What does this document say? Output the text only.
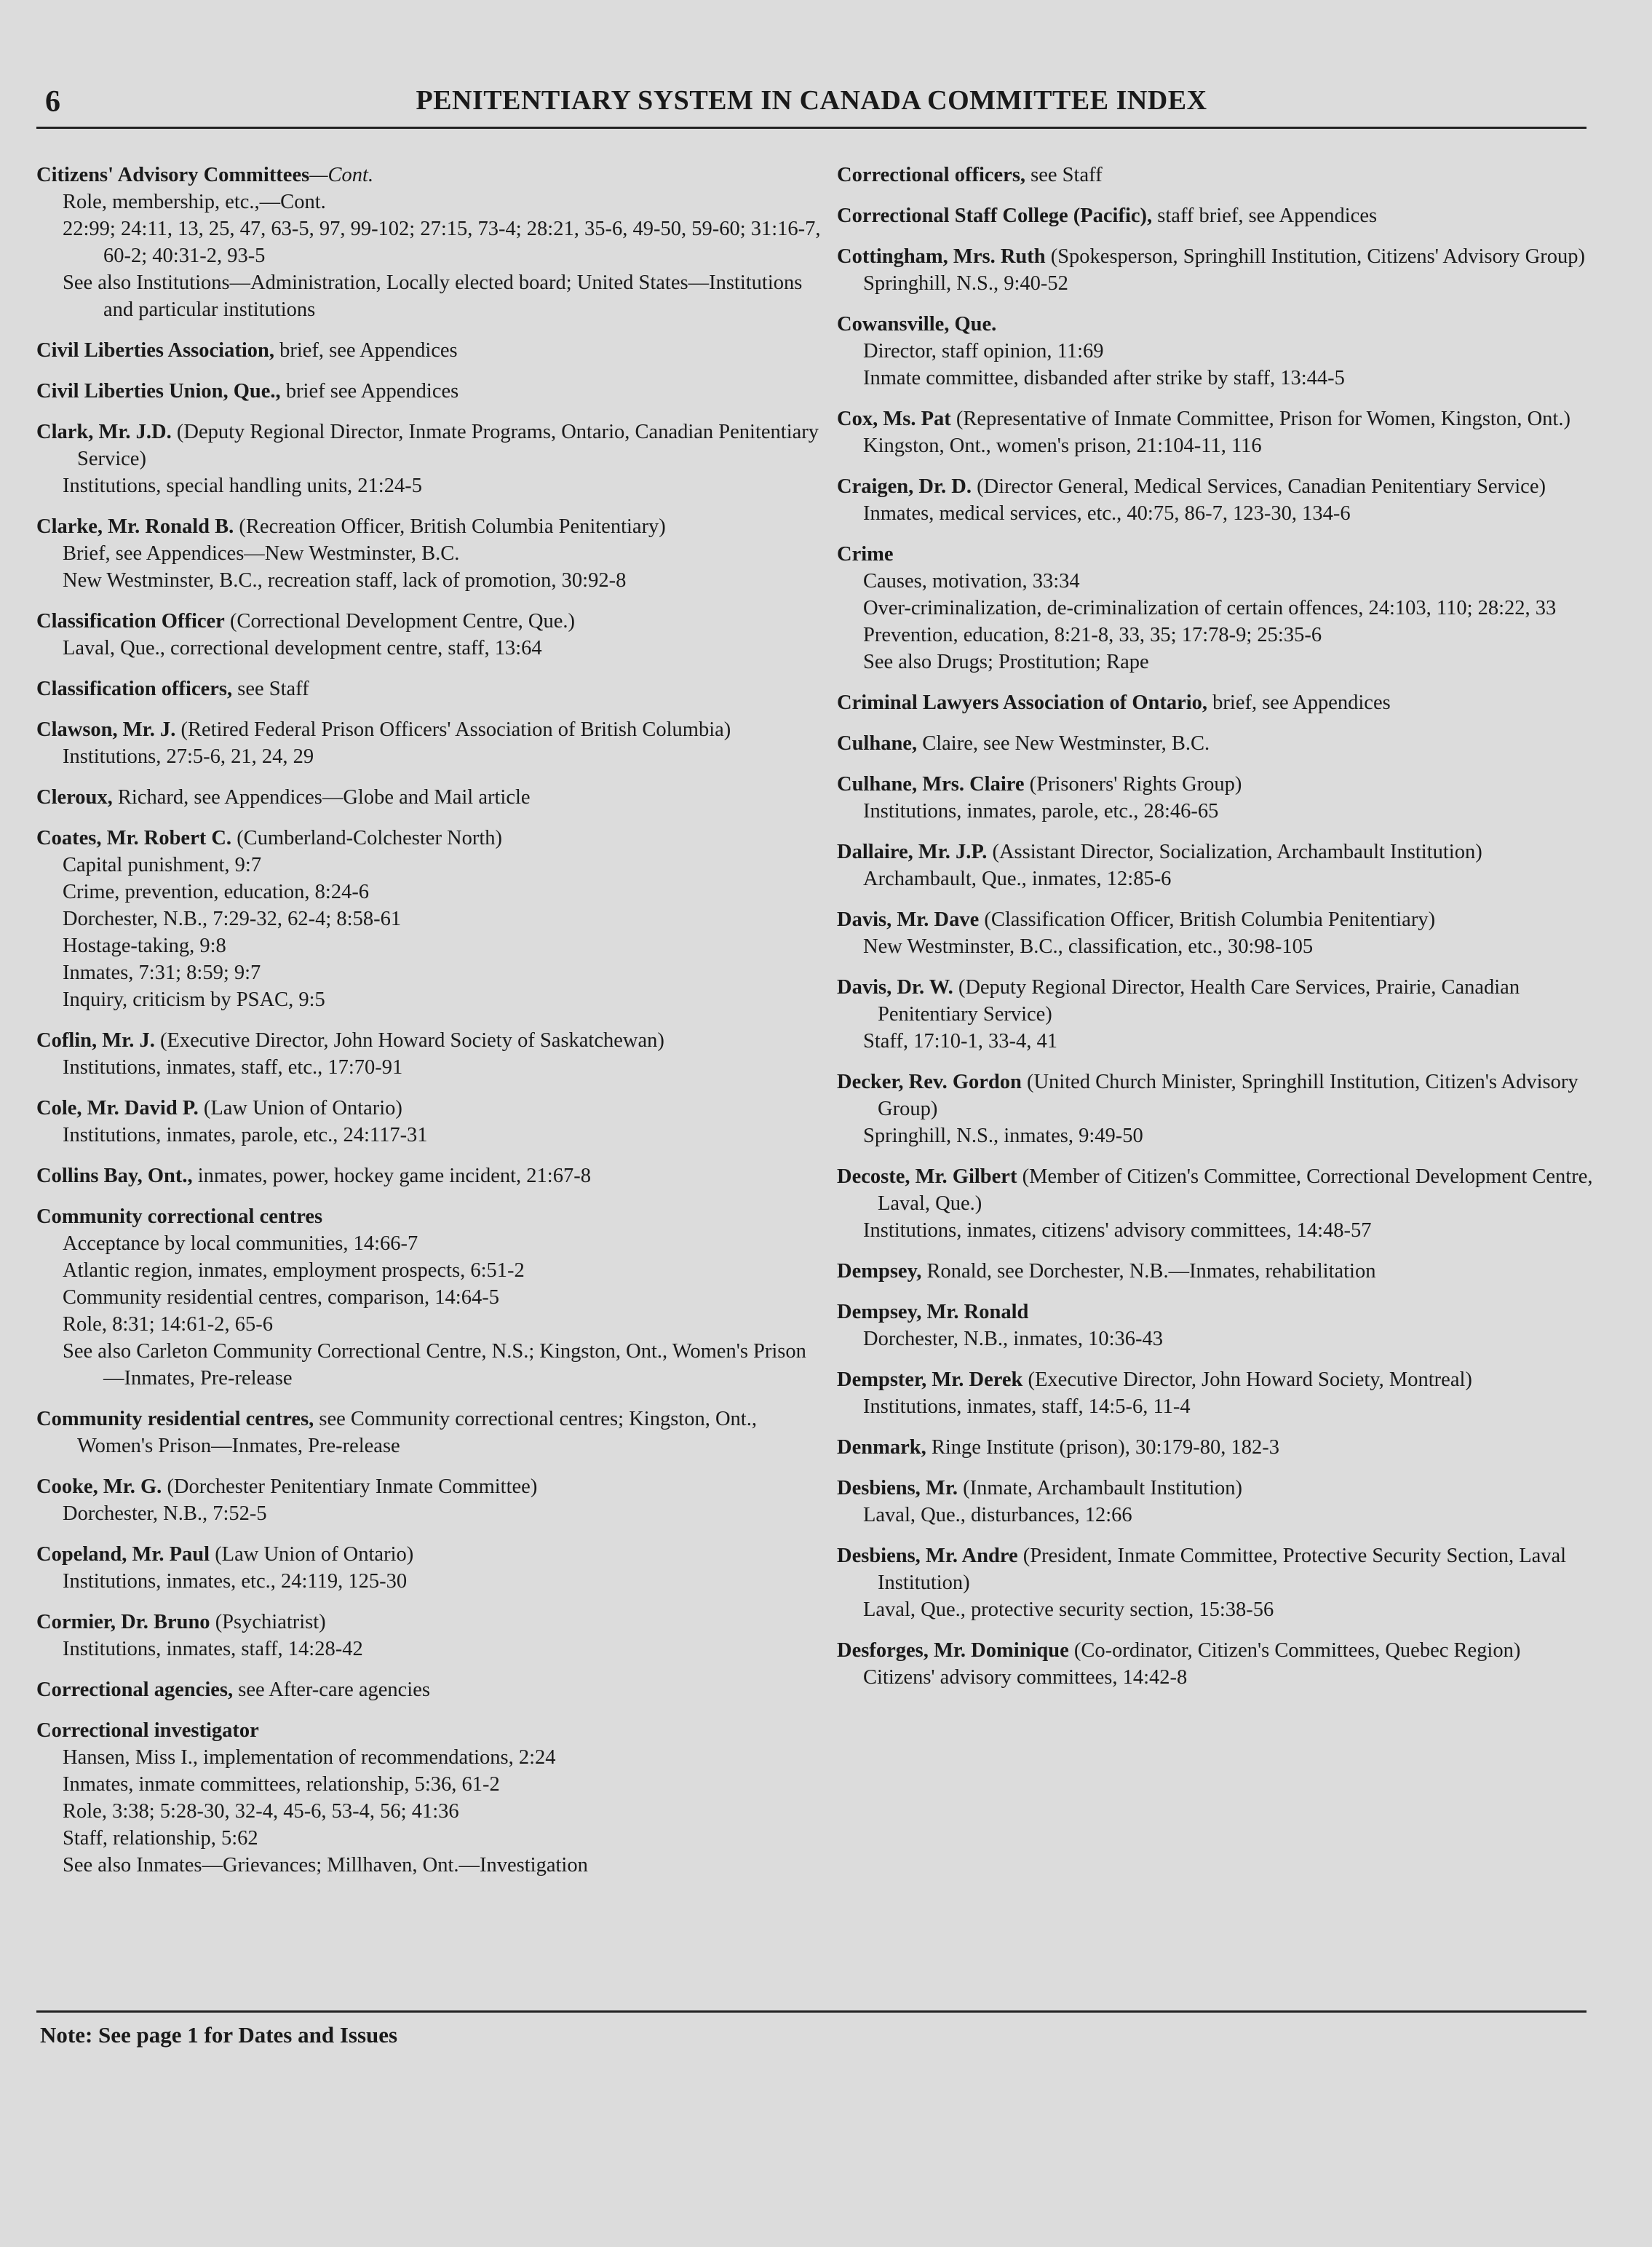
6	PENITENTIARY SYSTEM IN CANADA COMMITTEE INDEX
Citizens' Advisory Committees—Cont.
Role, membership, etc.,—Cont.
22:99; 24:11, 13, 25, 47, 63-5, 97, 99-102; 27:15, 73-4; 28:21, 35-6, 49-50, 59-60; 31:16-7, 60-2; 40:31-2, 93-5
See also Institutions—Administration, Locally elected board; United States—Institutions and particular institutions
Civil Liberties Association, brief, see Appendices
Civil Liberties Union, Que., brief see Appendices
Clark, Mr. J.D. (Deputy Regional Director, Inmate Programs, Ontario, Canadian Penitentiary Service)
Institutions, special handling units, 21:24-5
Clarke, Mr. Ronald B. (Recreation Officer, British Columbia Penitentiary)
Brief, see Appendices—New Westminster, B.C.
New Westminster, B.C., recreation staff, lack of promotion, 30:92-8
Classification Officer (Correctional Development Centre, Que.)
Laval, Que., correctional development centre, staff, 13:64
Classification officers, see Staff
Clawson, Mr. J. (Retired Federal Prison Officers' Association of British Columbia)
Institutions, 27:5-6, 21, 24, 29
Cleroux, Richard, see Appendices—Globe and Mail article
Coates, Mr. Robert C. (Cumberland-Colchester North)
Capital punishment, 9:7
Crime, prevention, education, 8:24-6
Dorchester, N.B., 7:29-32, 62-4; 8:58-61
Hostage-taking, 9:8
Inmates, 7:31; 8:59; 9:7
Inquiry, criticism by PSAC, 9:5
Coflin, Mr. J. (Executive Director, John Howard Society of Saskatchewan)
Institutions, inmates, staff, etc., 17:70-91
Cole, Mr. David P. (Law Union of Ontario)
Institutions, inmates, parole, etc., 24:117-31
Collins Bay, Ont., inmates, power, hockey game incident, 21:67-8
Community correctional centres
Acceptance by local communities, 14:66-7
Atlantic region, inmates, employment prospects, 6:51-2
Community residential centres, comparison, 14:64-5
Role, 8:31; 14:61-2, 65-6
See also Carleton Community Correctional Centre, N.S.; Kingston, Ont., Women's Prison—Inmates, Pre-release
Community residential centres, see Community correctional centres; Kingston, Ont., Women's Prison—Inmates, Pre-release
Cooke, Mr. G. (Dorchester Penitentiary Inmate Committee)
Dorchester, N.B., 7:52-5
Copeland, Mr. Paul (Law Union of Ontario)
Institutions, inmates, etc., 24:119, 125-30
Cormier, Dr. Bruno (Psychiatrist)
Institutions, inmates, staff, 14:28-42
Correctional agencies, see After-care agencies
Correctional investigator
Hansen, Miss I., implementation of recommendations, 2:24
Inmates, inmate committees, relationship, 5:36, 61-2
Role, 3:38; 5:28-30, 32-4, 45-6, 53-4, 56; 41:36
Staff, relationship, 5:62
See also Inmates—Grievances; Millhaven, Ont.—Investigation
Correctional officers, see Staff
Correctional Staff College (Pacific), staff brief, see Appendices
Cottingham, Mrs. Ruth (Spokesperson, Springhill Institution, Citizens' Advisory Group)
Springhill, N.S., 9:40-52
Cowansville, Que.
Director, staff opinion, 11:69
Inmate committee, disbanded after strike by staff, 13:44-5
Cox, Ms. Pat (Representative of Inmate Committee, Prison for Women, Kingston, Ont.)
Kingston, Ont., women's prison, 21:104-11, 116
Craigen, Dr. D. (Director General, Medical Services, Canadian Penitentiary Service)
Inmates, medical services, etc., 40:75, 86-7, 123-30, 134-6
Crime
Causes, motivation, 33:34
Over-criminalization, de-criminalization of certain offences, 24:103, 110; 28:22, 33
Prevention, education, 8:21-8, 33, 35; 17:78-9; 25:35-6
See also Drugs; Prostitution; Rape
Criminal Lawyers Association of Ontario, brief, see Appendices
Culhane, Claire, see New Westminster, B.C.
Culhane, Mrs. Claire (Prisoners' Rights Group)
Institutions, inmates, parole, etc., 28:46-65
Dallaire, Mr. J.P. (Assistant Director, Socialization, Archambault Institution)
Archambault, Que., inmates, 12:85-6
Davis, Mr. Dave (Classification Officer, British Columbia Penitentiary)
New Westminster, B.C., classification, etc., 30:98-105
Davis, Dr. W. (Deputy Regional Director, Health Care Services, Prairie, Canadian Penitentiary Service)
Staff, 17:10-1, 33-4, 41
Decker, Rev. Gordon (United Church Minister, Springhill Institution, Citizen's Advisory Group)
Springhill, N.S., inmates, 9:49-50
Decoste, Mr. Gilbert (Member of Citizen's Committee, Correctional Development Centre, Laval, Que.)
Institutions, inmates, citizens' advisory committees, 14:48-57
Dempsey, Ronald, see Dorchester, N.B.—Inmates, rehabilitation
Dempsey, Mr. Ronald
Dorchester, N.B., inmates, 10:36-43
Dempster, Mr. Derek (Executive Director, John Howard Society, Montreal)
Institutions, inmates, staff, 14:5-6, 11-4
Denmark, Ringe Institute (prison), 30:179-80, 182-3
Desbiens, Mr. (Inmate, Archambault Institution)
Laval, Que., disturbances, 12:66
Desbiens, Mr. Andre (President, Inmate Committee, Protective Security Section, Laval Institution)
Laval, Que., protective security section, 15:38-56
Desforges, Mr. Dominique (Co-ordinator, Citizen's Committees, Quebec Region)
Citizens' advisory committees, 14:42-8
Note: See page 1 for Dates and Issues
